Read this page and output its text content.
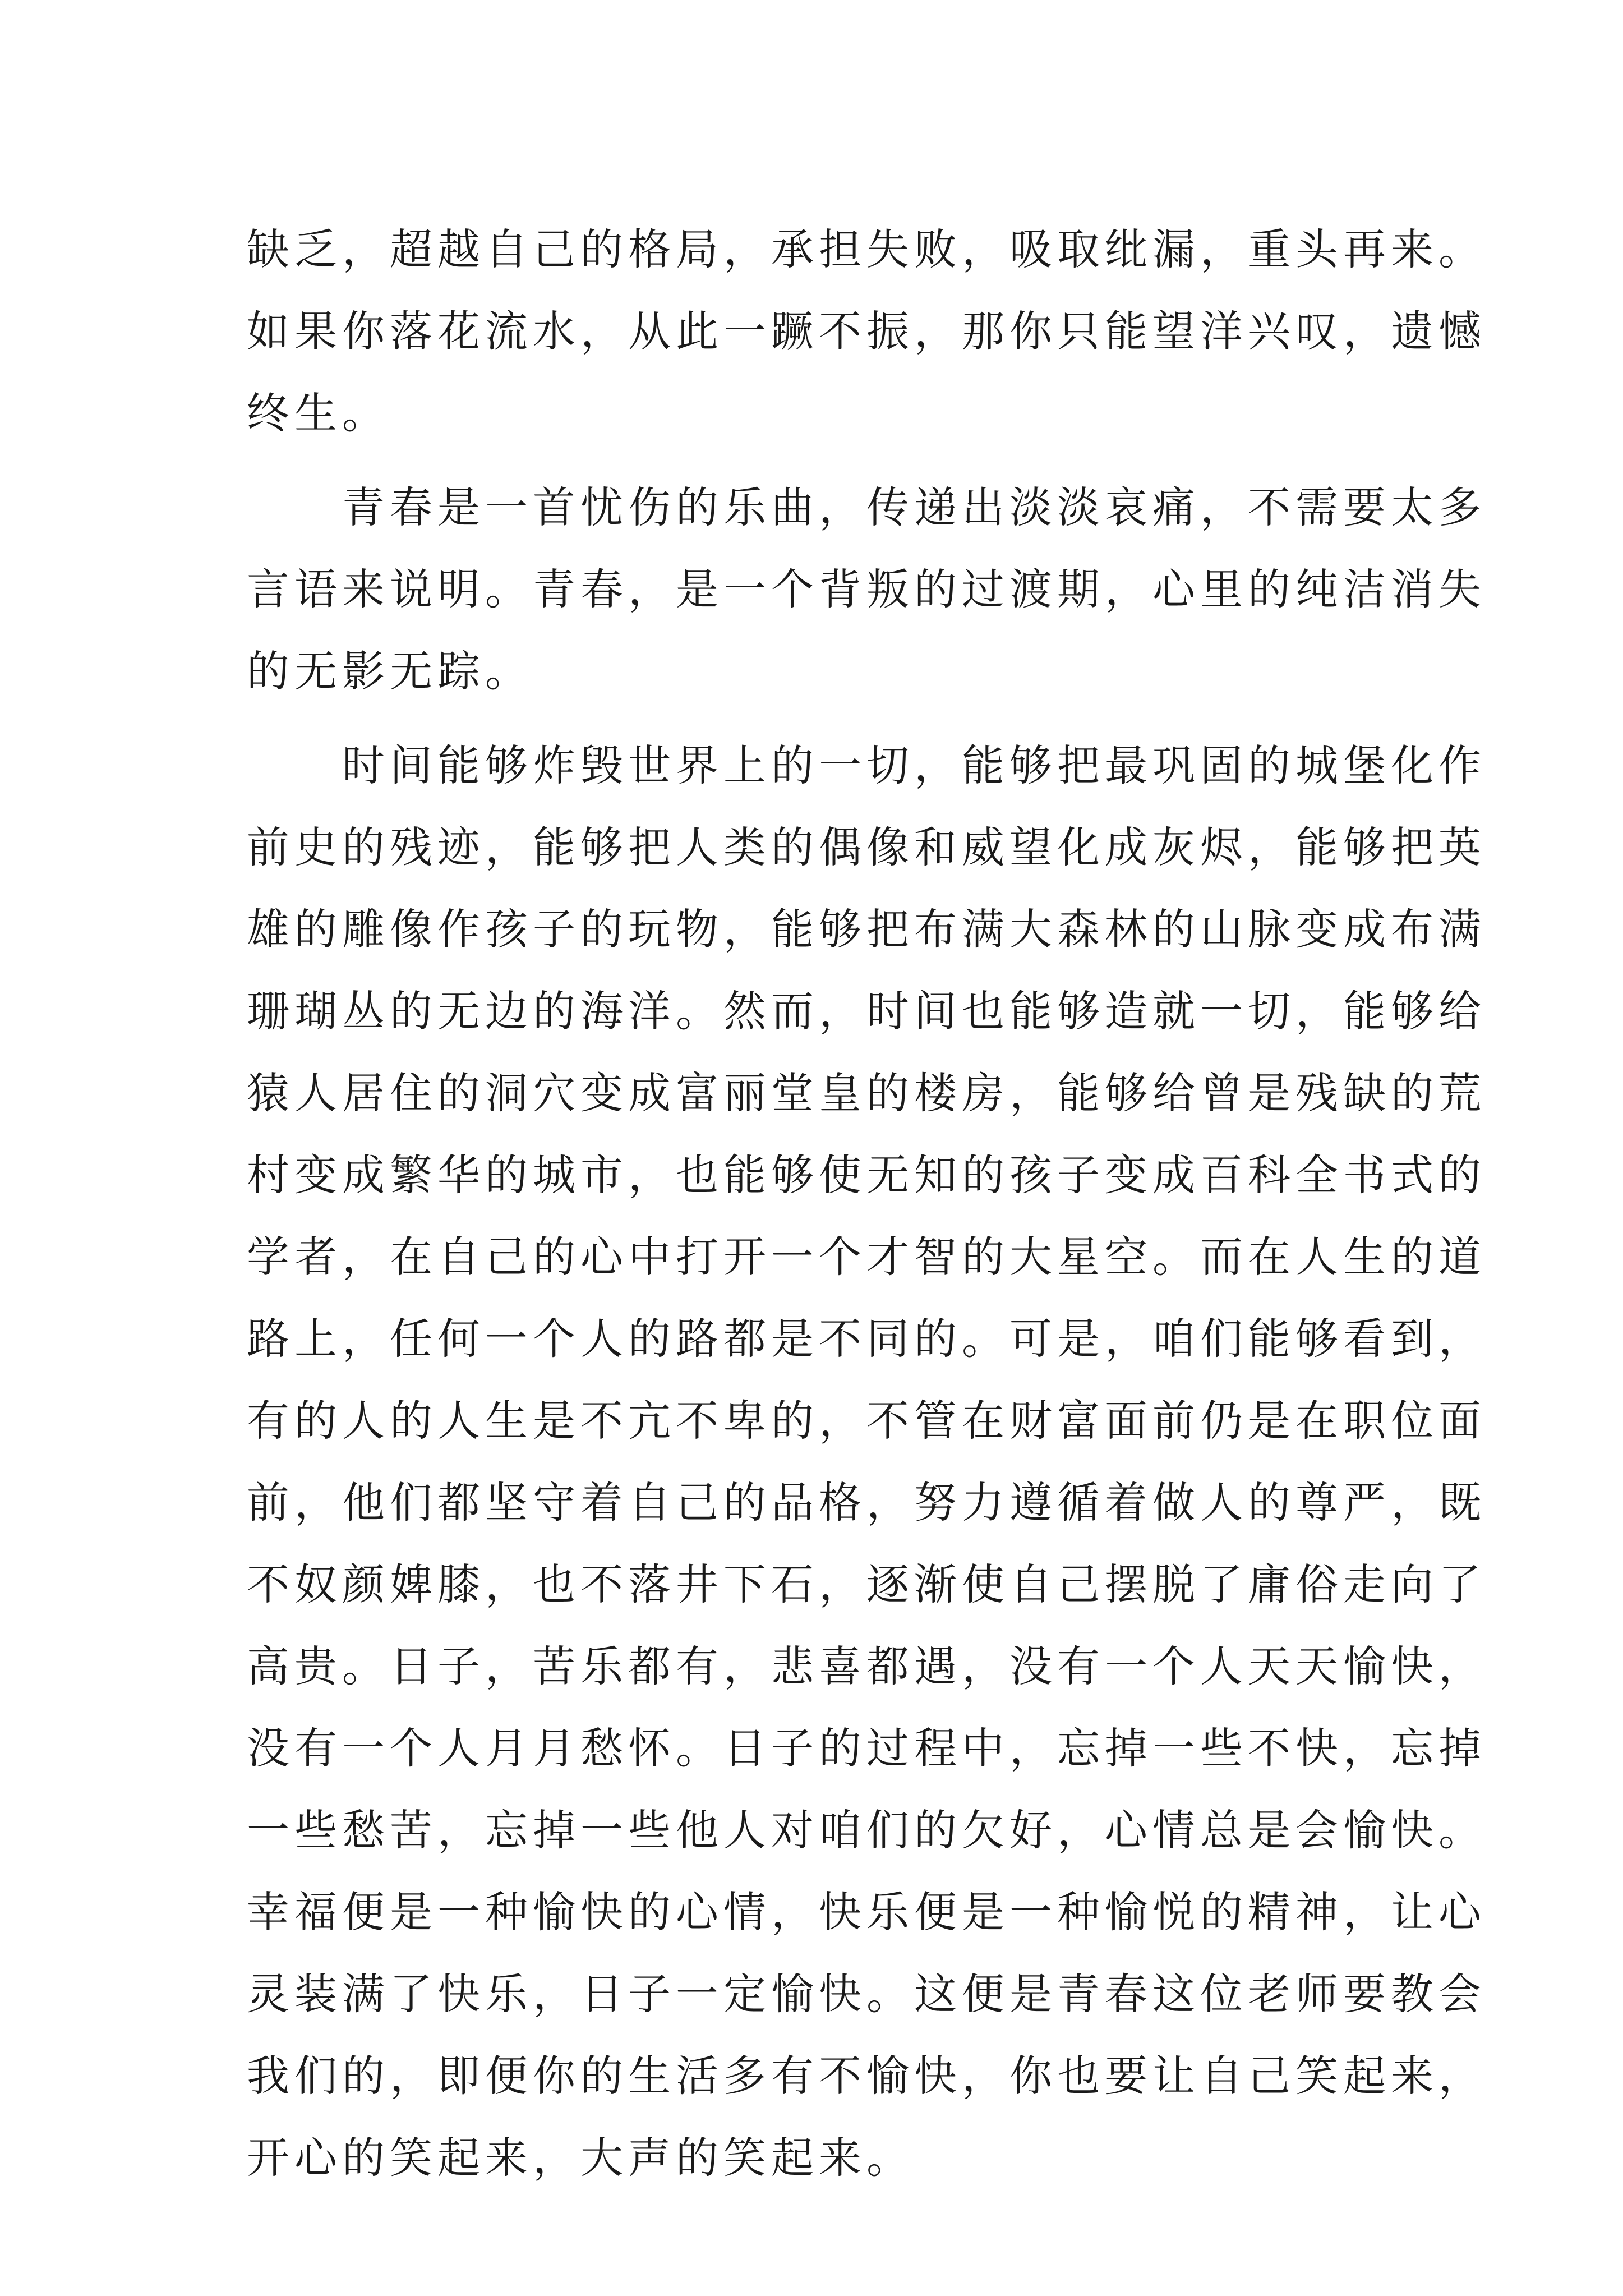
缺乏，超越自己的格局，承担失败，吸取纰漏，重头再来。
如果你落花流水，从此一蹶不振，那你只能望洋兴叹，遗憾
终生。
　　青春是一首忧伤的乐曲，传递出淡淡哀痛，不需要太多
言语来说明。青春，是一个背叛的过渡期，心里的纯洁消失
的无影无踪。
　　时间能够炸毁世界上的一切，能够把最巩固的城堡化作
前史的残迹，能够把人类的偶像和威望化成灰烬，能够把英
雄的雕像作孩子的玩物，能够把布满大森林的山脉变成布满
珊瑚丛的无边的海洋。然而，时间也能够造就一切，能够给
猿人居住的洞穴变成富丽堂皇的楼房，能够给曾是残缺的荒
村变成繁华的城市，也能够使无知的孩子变成百科全书式的
学者，在自己的心中打开一个才智的大星空。而在人生的道
路上，任何一个人的路都是不同的。可是，咱们能够看到，
有的人的人生是不亢不卑的，不管在财富面前仍是在职位面
前，他们都坚守着自己的品格，努力遵循着做人的尊严，既
不奴颜婢膝，也不落井下石，逐渐使自己摆脱了庸俗走向了
高贵。日子，苦乐都有，悲喜都遇，没有一个人天天愉快，
没有一个人月月愁怀。日子的过程中，忘掉一些不快，忘掉
一些愁苦，忘掉一些他人对咱们的欠好，心情总是会愉快。
幸福便是一种愉快的心情，快乐便是一种愉悦的精神，让心
灵装满了快乐，日子一定愉快。这便是青春这位老师要教会
我们的，即便你的生活多有不愉快，你也要让自己笑起来，
开心的笑起来，大声的笑起来。
